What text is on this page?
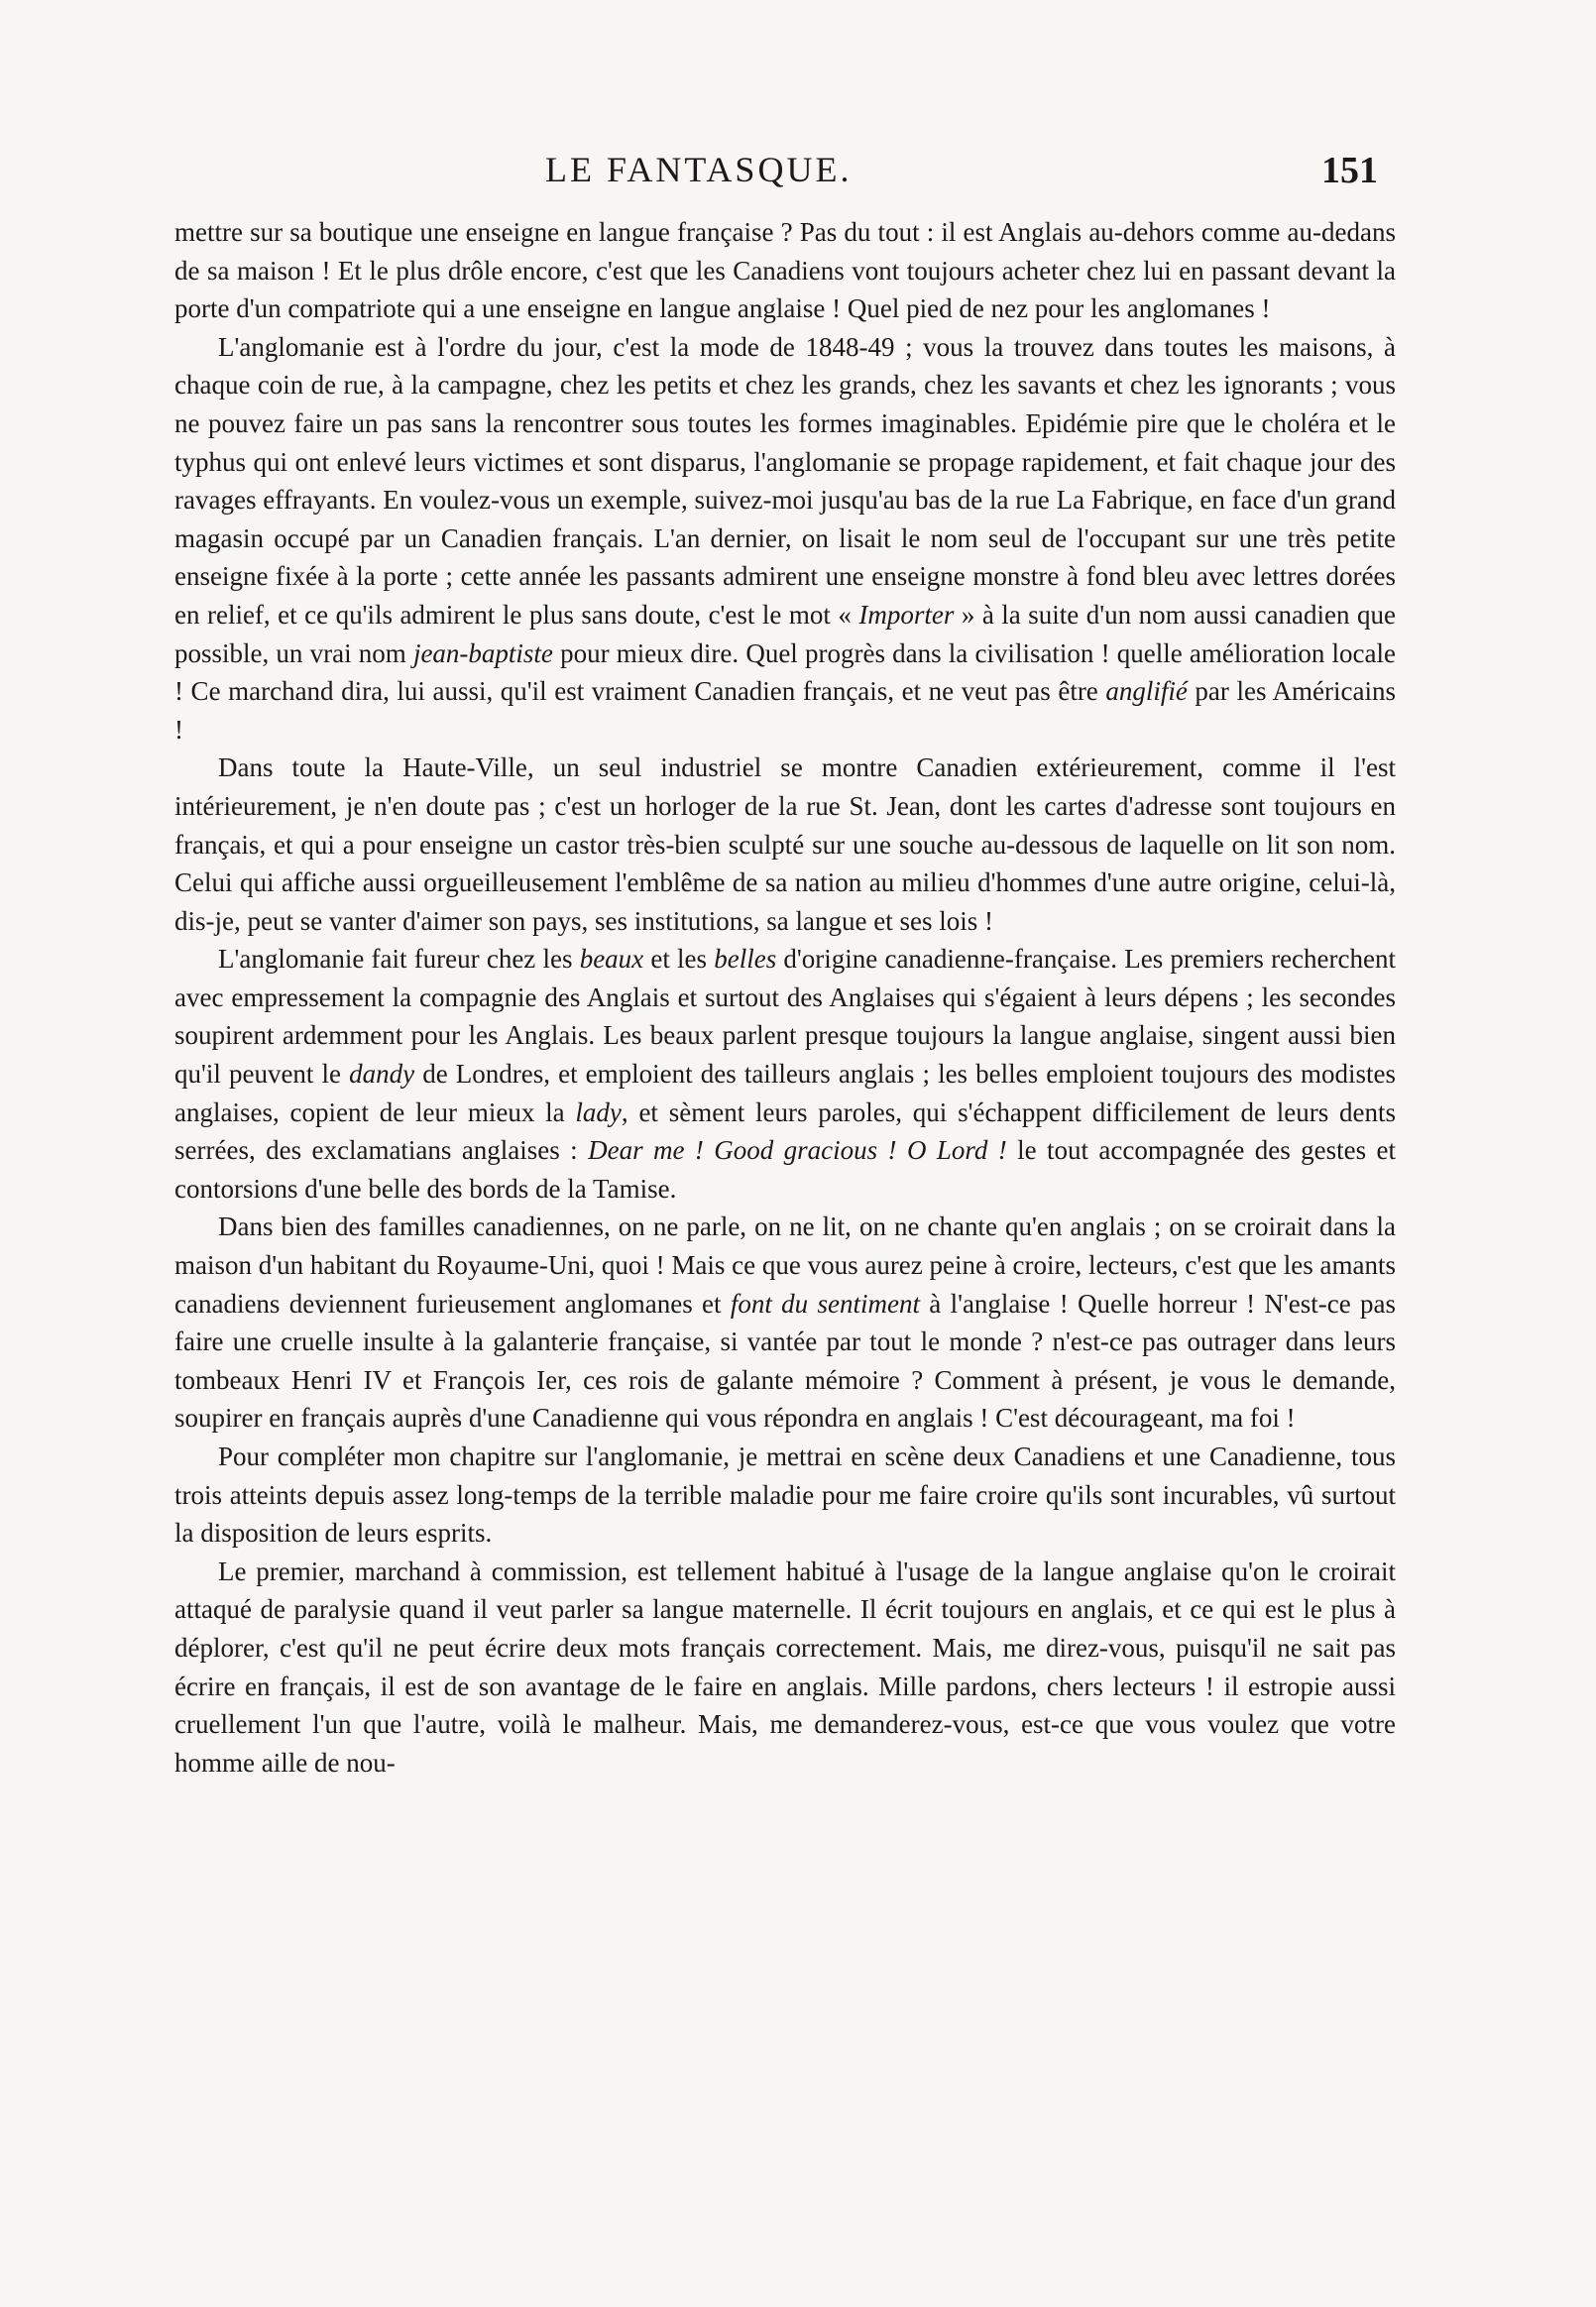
LE FANTASQUE.	151

mettre sur sa boutique une enseigne en langue française ? Pas du tout : il est Anglais au-dehors comme au-dedans de sa maison ! Et le plus drôle encore, c'est que les Canadiens vont toujours acheter chez lui en passant devant la porte d'un compatriote qui a une enseigne en langue anglaise ! Quel pied de nez pour les anglomanes !

L'anglomanie est à l'ordre du jour, c'est la mode de 1848-49 ; vous la trouvez dans toutes les maisons, à chaque coin de rue, à la campagne, chez les petits et chez les grands, chez les savants et chez les ignorants ; vous ne pouvez faire un pas sans la rencontrer sous toutes les formes imaginables. Epidémie pire que le choléra et le typhus qui ont enlevé leurs victimes et sont disparus, l'anglomanie se propage rapidement, et fait chaque jour des ravages effrayants. En voulez-vous un exemple, suivez-moi jusqu'au bas de la rue La Fabrique, en face d'un grand magasin occupé par un Canadien français. L'an dernier, on lisait le nom seul de l'occupant sur une très petite enseigne fixée à la porte ; cette année les passants admirent une enseigne monstre à fond bleu avec lettres dorées en relief, et ce qu'ils admirent le plus sans doute, c'est le mot « Importer » à la suite d'un nom aussi canadien que possible, un vrai nom jean-baptiste pour mieux dire. Quel progrès dans la civilisation ! quelle amélioration locale ! Ce marchand dira, lui aussi, qu'il est vraiment Canadien français, et ne veut pas être anglifié par les Américains !

Dans toute la Haute-Ville, un seul industriel se montre Canadien extérieurement, comme il l'est intérieurement, je n'en doute pas ; c'est un horloger de la rue St. Jean, dont les cartes d'adresse sont toujours en français, et qui a pour enseigne un castor très-bien sculpté sur une souche au-dessous de laquelle on lit son nom. Celui qui affiche aussi orgueilleusement l'emblême de sa nation au milieu d'hommes d'une autre origine, celui-là, dis-je, peut se vanter d'aimer son pays, ses institutions, sa langue et ses lois !

L'anglomanie fait fureur chez les beaux et les belles d'origine canadienne-française. Les premiers recherchent avec empressement la compagnie des Anglais et surtout des Anglaises qui s'égaient à leurs dépens ; les secondes soupirent ardemment pour les Anglais. Les beaux parlent presque toujours la langue anglaise, singent aussi bien qu'il peuvent le dandy de Londres, et emploient des tailleurs anglais ; les belles emploient toujours des modistes anglaises, copient de leur mieux la lady, et sèment leurs paroles, qui s'échappent difficilement de leurs dents serrées, des exclamatians anglaises : Dear me ! Good gracious ! O Lord ! le tout accompagnée des gestes et contorsions d'une belle des bords de la Tamise.

Dans bien des familles canadiennes, on ne parle, on ne lit, on ne chante qu'en anglais ; on se croirait dans la maison d'un habitant du Royaume-Uni, quoi ! Mais ce que vous aurez peine à croire, lecteurs, c'est que les amants canadiens deviennent furieusement anglomanes et font du sentiment à l'anglaise ! Quelle horreur ! N'est-ce pas faire une cruelle insulte à la galanterie française, si vantée par tout le monde ? n'est-ce pas outrager dans leurs tombeaux Henri IV et François Ier, ces rois de galante mémoire ? Comment à présent, je vous le demande, soupirer en français auprès d'une Canadienne qui vous répondra en anglais ! C'est décourageant, ma foi !

Pour compléter mon chapitre sur l'anglomanie, je mettrai en scène deux Canadiens et une Canadienne, tous trois atteints depuis assez long-temps de la terrible maladie pour me faire croire qu'ils sont incurables, vû surtout la disposition de leurs esprits.

Le premier, marchand à commission, est tellement habitué à l'usage de la langue anglaise qu'on le croirait attaqué de paralysie quand il veut parler sa langue maternelle. Il écrit toujours en anglais, et ce qui est le plus à déplorer, c'est qu'il ne peut écrire deux mots français correctement. Mais, me direz-vous, puisqu'il ne sait pas écrire en français, il est de son avantage de le faire en anglais. Mille pardons, chers lecteurs ! il estropie aussi cruellement l'un que l'autre, voilà le malheur. Mais, me demanderez-vous, est-ce que vous voulez que votre homme aille de nou-
